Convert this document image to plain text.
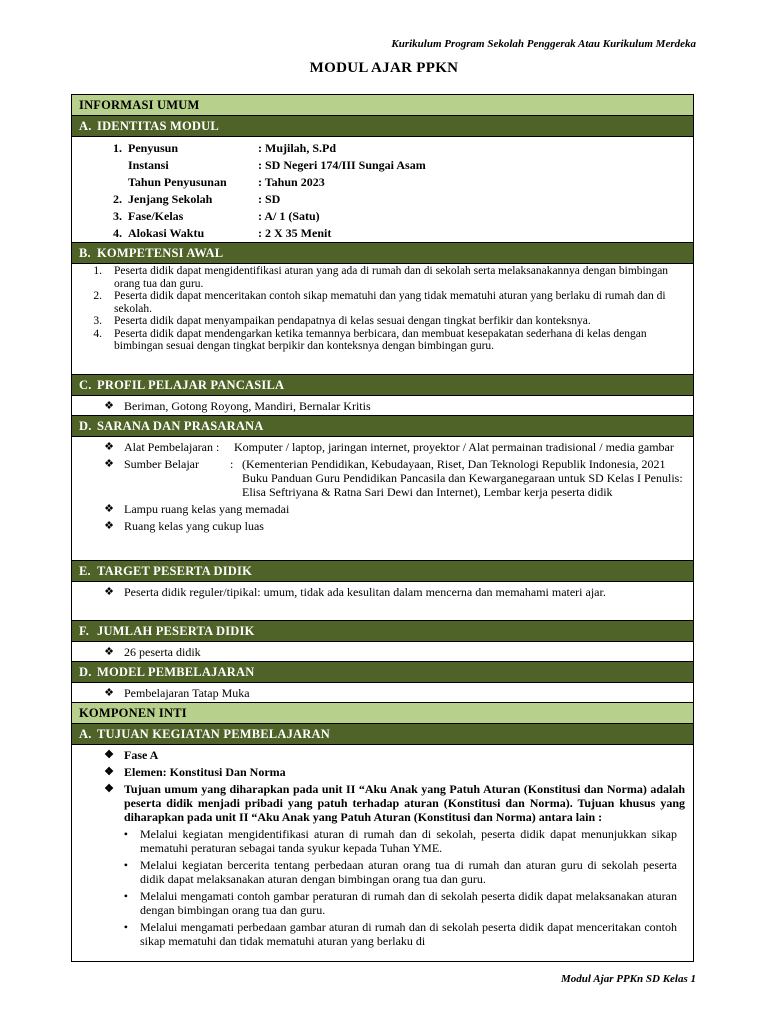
Kurikulum Program Sekolah Penggerak Atau Kurikulum Merdeka
MODUL AJAR PPKN
INFORMASI UMUM
A. IDENTITAS MODUL
1. Penyusun	: Mujilah, S.Pd
Instansi	: SD Negeri 174/III Sungai Asam
Tahun Penyusunan	: Tahun 2023
2. Jenjang Sekolah	: SD
3. Fase/Kelas	: A/ 1 (Satu)
4. Alokasi Waktu	: 2 X 35 Menit
B. KOMPETENSI AWAL
1.	Peserta didik dapat mengidentifikasi aturan yang ada di rumah dan di sekolah serta melaksanakannya dengan bimbingan orang tua dan guru.
2.	Peserta didik dapat menceritakan contoh sikap mematuhi dan yang tidak mematuhi aturan yang berlaku di rumah dan di sekolah.
3.	Peserta didik dapat menyampaikan pendapatnya di kelas sesuai dengan tingkat berfikir dan konteksnya.
4.	Peserta didik dapat mendengarkan ketika temannya berbicara, dan membuat kesepakatan sederhana di kelas dengan bimbingan sesuai dengan tingkat berpikir dan konteksnya dengan bimbingan guru.
C. PROFIL PELAJAR PANCASILA
❖ Beriman, Gotong Royong, Mandiri, Bernalar Kritis
D. SARANA DAN PRASARANA
❖ Alat Pembelajaran :	Komputer / laptop, jaringan internet, proyektor / Alat permainan tradisional / media gambar
❖ Sumber Belajar	: (Kementerian Pendidikan, Kebudayaan, Riset, Dan Teknologi Republik Indonesia, 2021 Buku Panduan Guru Pendidikan Pancasila dan Kewarganegaraan untuk SD Kelas I Penulis: Elisa Seftriyana & Ratna Sari Dewi dan Internet), Lembar kerja peserta didik
❖ Lampu ruang kelas yang memadai
❖ Ruang kelas yang cukup luas
E. TARGET PESERTA DIDIK
❖ Peserta didik reguler/tipikal: umum, tidak ada kesulitan dalam mencerna dan memahami materi ajar.
F. JUMLAH PESERTA DIDIK
❖ 26 peserta didik
D. MODEL PEMBELAJARAN
❖ Pembelajaran Tatap Muka
KOMPONEN INTI
A. TUJUAN KEGIATAN PEMBELAJARAN
❖ Fase A
❖ Elemen: Konstitusi Dan Norma
❖ Tujuan umum yang diharapkan pada unit II “Aku Anak yang Patuh Aturan (Konstitusi dan Norma) adalah peserta didik menjadi pribadi yang patuh terhadap aturan (Konstitusi dan Norma). Tujuan khusus yang diharapkan pada unit II “Aku Anak yang Patuh Aturan (Konstitusi dan Norma) antara lain :
•	Melalui kegiatan mengidentifikasi aturan di rumah dan di sekolah, peserta didik dapat menunjukkan sikap mematuhi peraturan sebagai tanda syukur kepada Tuhan YME.
•	Melalui kegiatan bercerita tentang perbedaan aturan orang tua di rumah dan aturan guru di sekolah peserta didik dapat melaksanakan aturan dengan bimbingan orang tua dan guru.
•	Melalui mengamati contoh gambar peraturan di rumah dan di sekolah peserta didik dapat melaksanakan aturan dengan bimbingan orang tua dan guru.
•	Melalui mengamati perbedaan gambar aturan di rumah dan di sekolah peserta didik dapat menceritakan contoh sikap mematuhi dan tidak mematuhi aturan yang berlaku di
Modul Ajar PPKn SD Kelas 1
